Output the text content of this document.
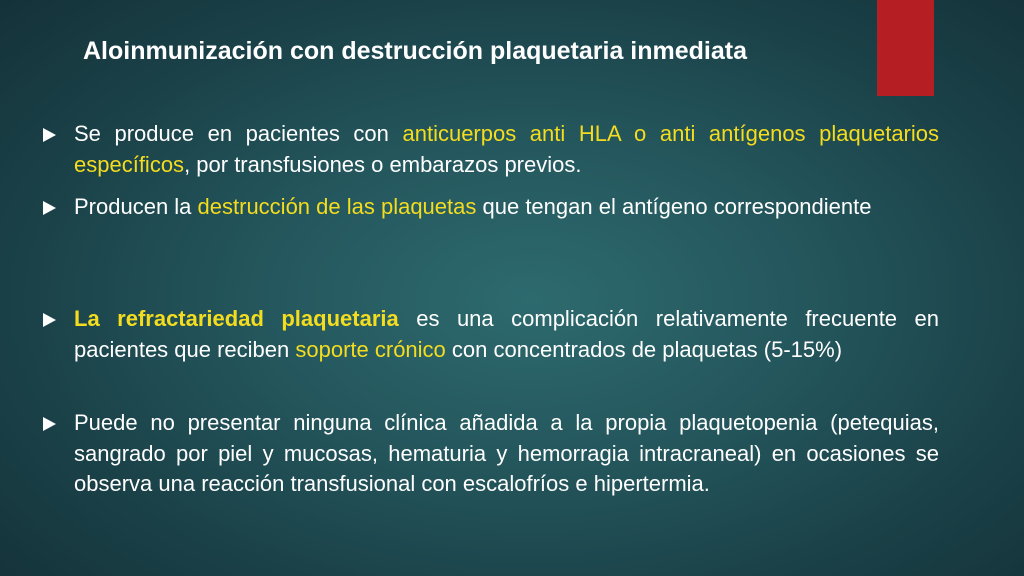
Aloinmunización con destrucción plaquetaria inmediata
Se produce en pacientes con anticuerpos anti HLA o anti antígenos plaquetarios específicos, por transfusiones o embarazos previos.
Producen la destrucción de las plaquetas que tengan el antígeno correspondiente
La refractariedad plaquetaria es una complicación relativamente frecuente en pacientes que reciben soporte crónico con concentrados de plaquetas (5-15%)
Puede no presentar ninguna clínica añadida a la propia plaquetopenia (petequias, sangrado por piel y mucosas, hematuria y hemorragia intracraneal) en ocasiones se observa una reacción transfusional con escalofríos e hipertermia.
